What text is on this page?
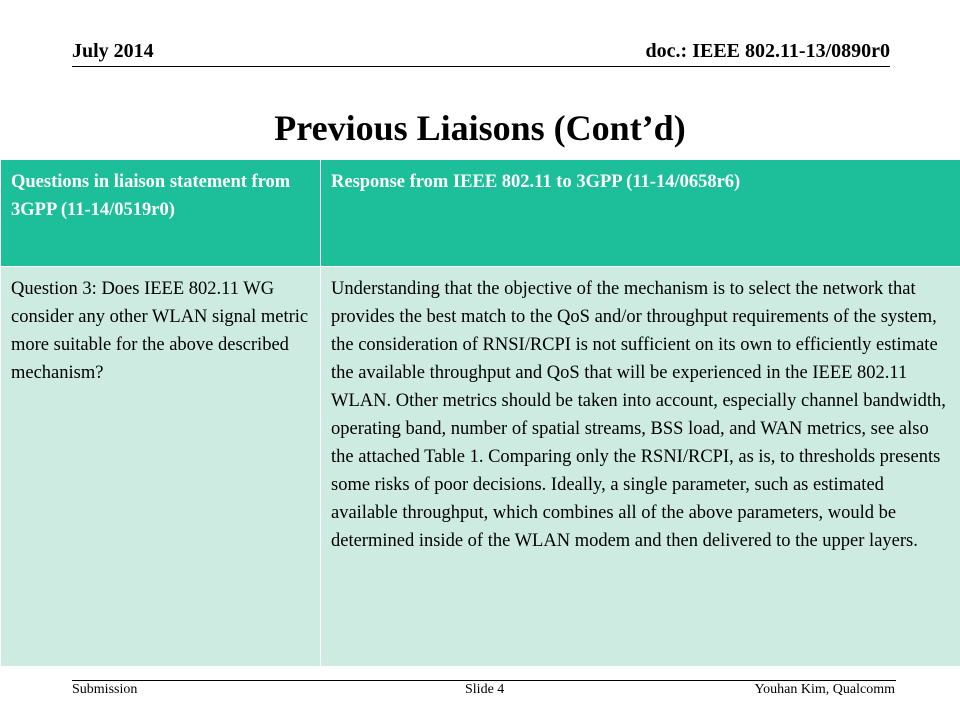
July 2014	doc.: IEEE 802.11-13/0890r0
Previous Liaisons (Cont’d)
Questions in liaison statement from 3GPP (11-14/0519r0)	Response from IEEE 802.11 to 3GPP (11-14/0658r6)
Question 3: Does IEEE 802.11 WG consider any other WLAN signal metric more suitable for the above described mechanism?	Understanding that the objective of the mechanism is to select the network that provides the best match to the QoS and/or throughput requirements of the system, the consideration of RNSI/RCPI is not sufficient on its own to efficiently estimate the available throughput and QoS that will be experienced in the IEEE 802.11 WLAN. Other metrics should be taken into account, especially channel bandwidth, operating band, number of spatial streams, BSS load, and WAN metrics, see also the attached Table 1. Comparing only the RSNI/RCPI, as is, to thresholds presents some risks of poor decisions. Ideally, a single parameter, such as estimated available throughput, which combines all of the above parameters, would be determined inside of the WLAN modem and then delivered to the upper layers.
Submission	Slide 4	Youhan Kim, Qualcomm
